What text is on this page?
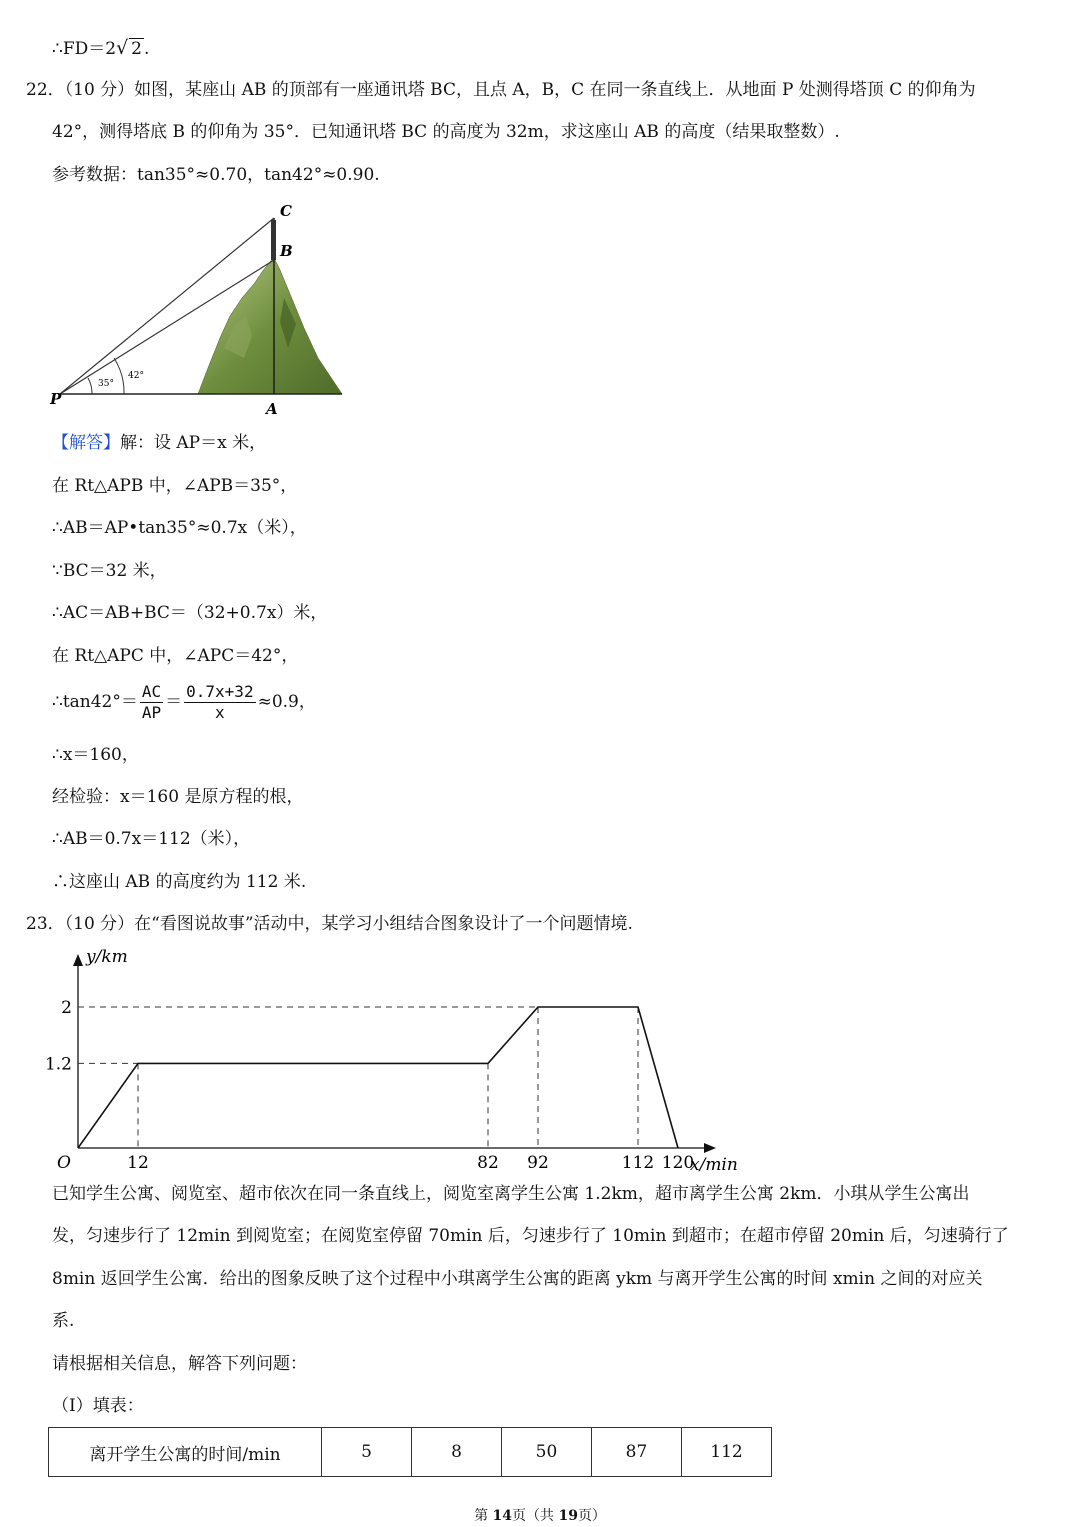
∴FD＝2√ 2 .
22．（10 分）如图，某座山 AB 的顶部有一座通讯塔 BC，且点 A，B，C 在同一条直线上．从地面 P 处测得塔顶 C 的仰角为
42°，测得塔底 B 的仰角为 35°．已知通讯塔 BC 的高度为 32m，求这座山 AB 的高度（结果取整数）.
参考数据：tan35°≈0.70，tan42°≈0.90.
C
B
P
A
35°
42°
【解答】解：设 AP＝x 米，
在 Rt△APB 中，∠APB＝35°，
∴AB＝AP•tan35°≈0.7x（米），
∵BC＝32 米，
∴AC＝AB+BC＝（32+0.7x）米，
在 Rt△APC 中，∠APC＝42°，
∴tan42°＝ $\frac{AC}{AP} = \frac{0.7x+32}{x} \approx 0.9$，
∴x＝160，
经检验：x＝160 是原方程的根，
∴AB＝0.7x＝112（米），
∴这座山 AB 的高度约为 112 米.
23．（10 分）在“看图说故事”活动中，某学习小组结合图象设计了一个问题情境.
12	82 92	112 120
1.2
2
O	x/min
y/km
已知学生公寓、阅览室、超市依次在同一条直线上，阅览室离学生公寓 1.2km，超市离学生公寓 2km．小琪从学生公寓出
发，匀速步行了 12min 到阅览室；在阅览室停留 70min 后，匀速步行了 10min 到超市；在超市停留 20min 后，匀速骑行了
8min 返回学生公寓．给出的图象反映了这个过程中小琪离学生公寓的距离 ykm 与离开学生公寓的时间 xmin 之间的对应关
系.
请根据相关信息，解答下列问题：
（Ⅰ）填表：
离开学生公寓的时间/min	5	8	50	87	112
第 14页（共 19页）
